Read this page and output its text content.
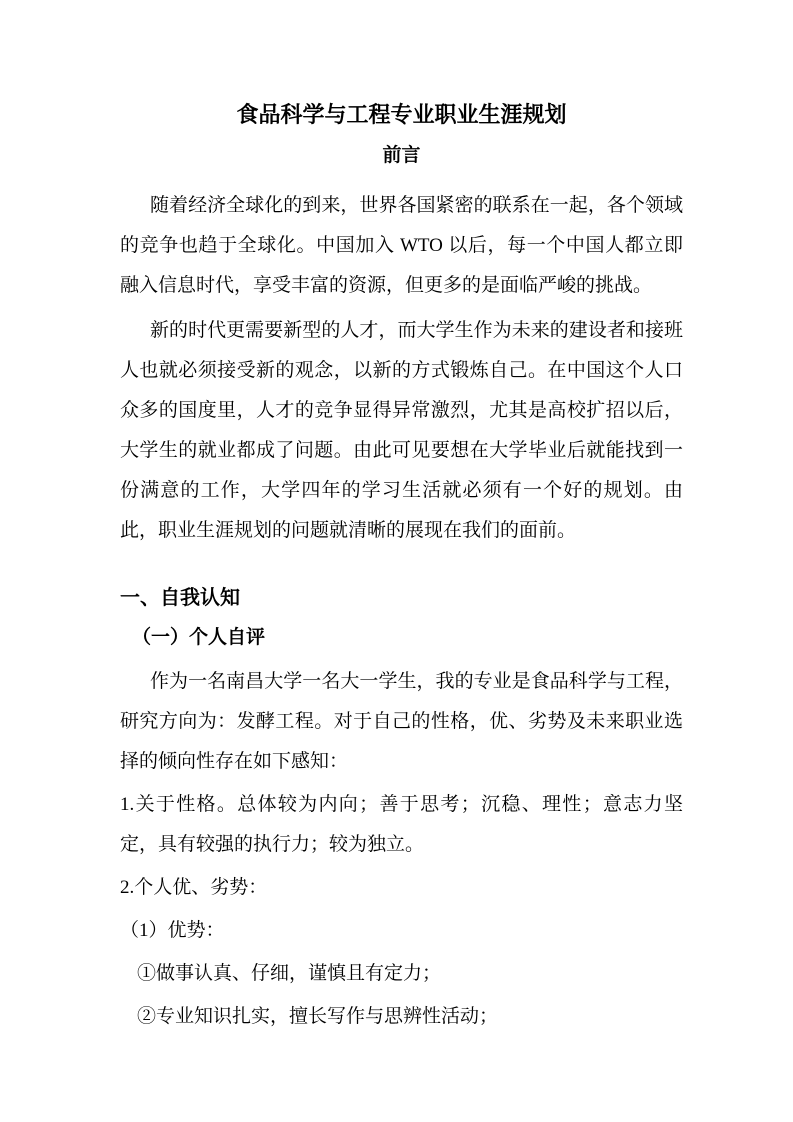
食品科学与工程专业职业生涯规划
前言

随着经济全球化的到来，世界各国紧密的联系在一起，各个领域的竞争也趋于全球化。中国加入 WTO 以后，每一个中国人都立即融入信息时代，享受丰富的资源，但更多的是面临严峻的挑战。

新的时代更需要新型的人才，而大学生作为未来的建设者和接班人也就必须接受新的观念，以新的方式锻炼自己。在中国这个人口众多的国度里，人才的竞争显得异常激烈，尤其是高校扩招以后，大学生的就业都成了问题。由此可见要想在大学毕业后就能找到一份满意的工作，大学四年的学习生活就必须有一个好的规划。由此，职业生涯规划的问题就清晰的展现在我们的面前。

一、自我认知
（一）个人自评

作为一名南昌大学一名大一学生，我的专业是食品科学与工程，研究方向为：发酵工程。对于自己的性格，优、劣势及未来职业选择的倾向性存在如下感知：

1.关于性格。总体较为内向；善于思考；沉稳、理性；意志力坚定，具有较强的执行力；较为独立。

2.个人优、劣势：

（1）优势：

①做事认真、仔细，谨慎且有定力；

②专业知识扎实，擅长写作与思辨性活动；
